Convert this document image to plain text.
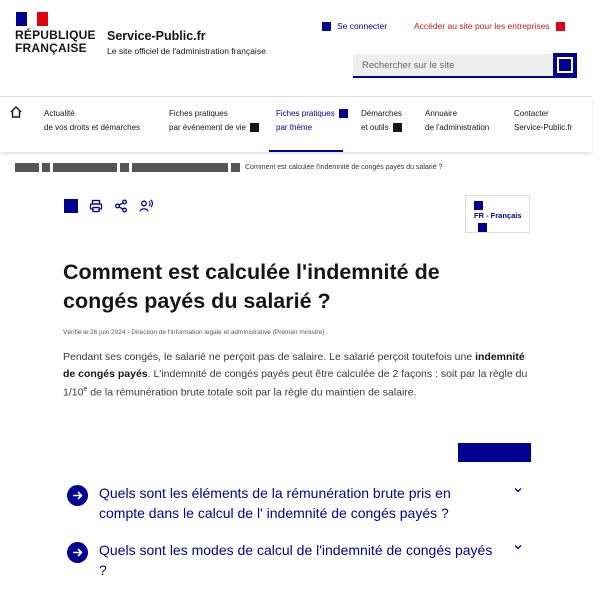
RÉPUBLIQUE
FRANÇAISE
Service-Public.fr
Le site officiel de l'administration française
Se connecter	Accéder au site pour les entreprises
Rechercher sur le site
Actualité
de vos droits et démarches
Fiches pratiques
par événement de vie
Fiches pratiques
par thème
Démarches
et outils
Annuaire
de l'administration
Contacter
Service-Public.fr
Comment est calculée l'indemnité de congés payés du salarié ?
FR - Français
Comment est calculée l'indemnité de congés payés du salarié ?
Vérifié le 26 juin 2024 - Direction de l'information légale et administrative (Premier ministre)

Pendant ses congés, le salarié ne perçoit pas de salaire. Le salarié perçoit toutefois une indemnité de congés payés. L'indemnité de congés payés peut être calculée de 2 façons : soit par la règle du 1/10e de la rémunération brute totale soit par la règle du maintien de salaire.

Quels sont les éléments de la rémunération brute pris en compte dans le calcul de l' indemnité de congés payés ?
Quels sont les modes de calcul de l'indemnité de congés payés ?
